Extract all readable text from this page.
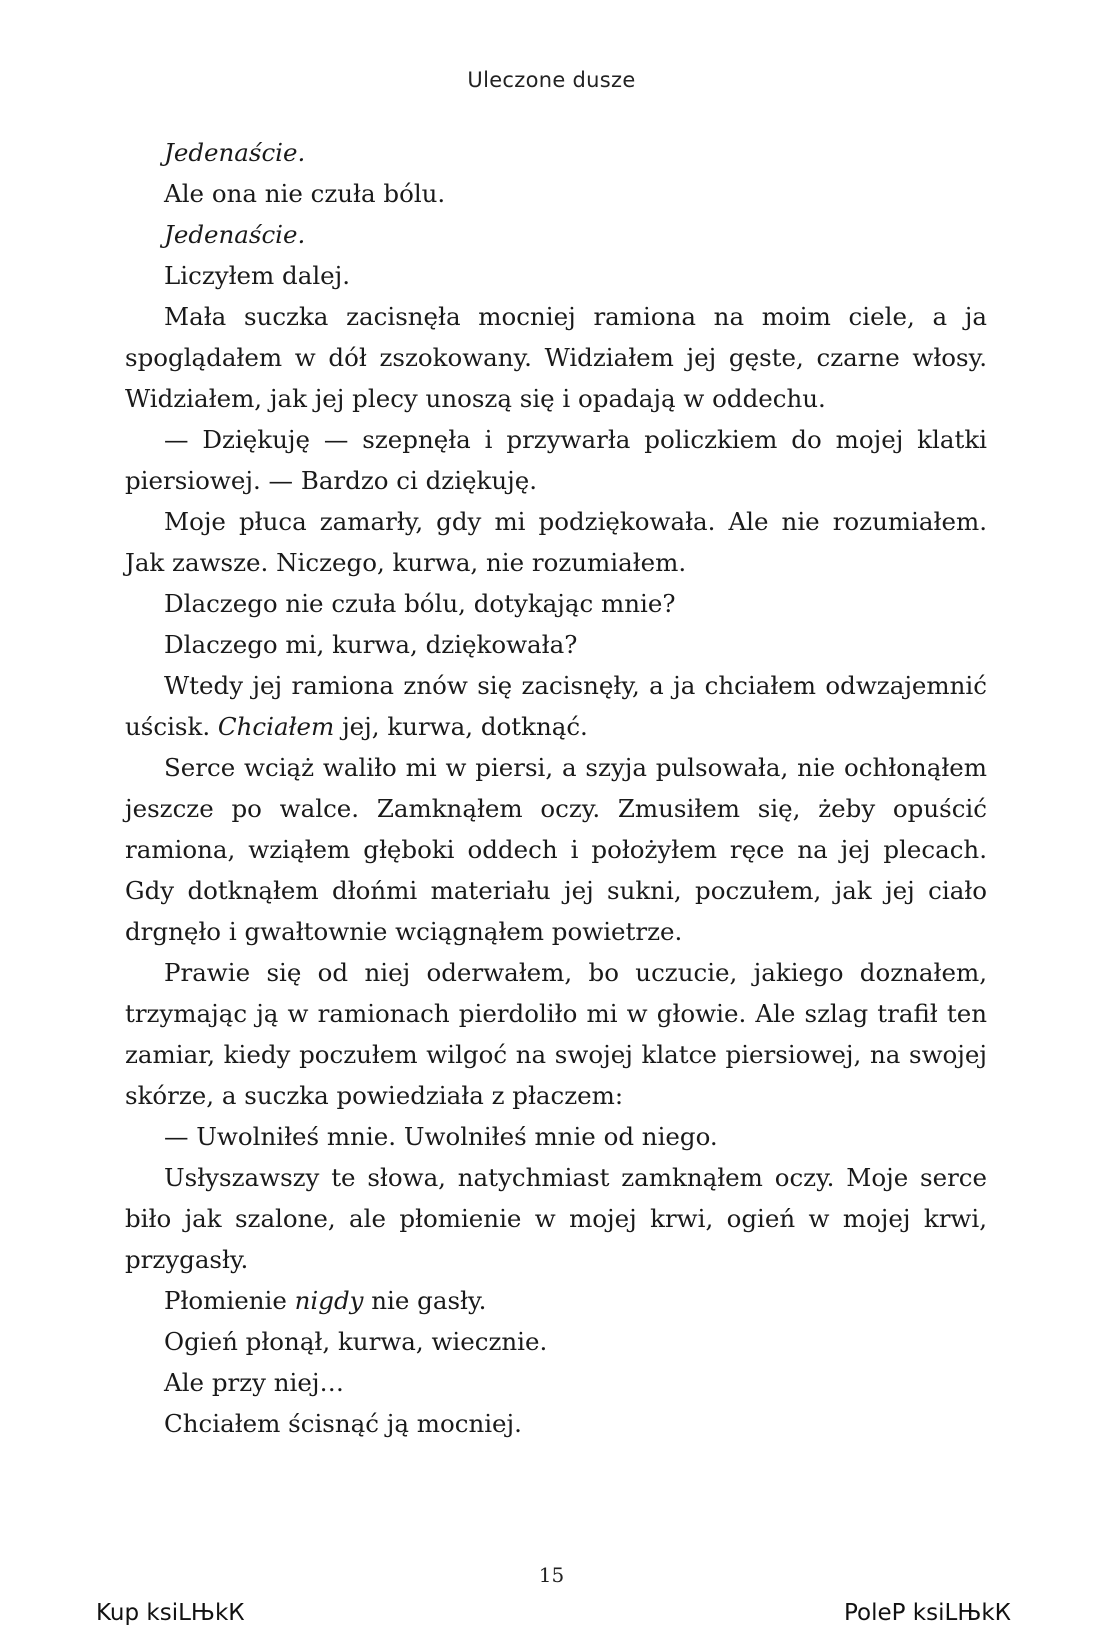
Uleczone dusze

Jedenaście.

Ale ona nie czuła bólu.

Jedenaście.

Liczyłem dalej.

Mała suczka zacisnęła mocniej ramiona na moim ciele, a ja spoglądałem w dół zszokowany. Widziałem jej gęste, czarne włosy. Widziałem, jak jej plecy unoszą się i opadają w oddechu.

— Dziękuję — szepnęła i przywarła policzkiem do mojej klatki piersiowej. — Bardzo ci dziękuję.

Moje płuca zamarły, gdy mi podziękowała. Ale nie rozumiałem. Jak zawsze. Niczego, kurwa, nie rozumiałem.

Dlaczego nie czuła bólu, dotykając mnie?

Dlaczego mi, kurwa, dziękowała?

Wtedy jej ramiona znów się zacisnęły, a ja chciałem odwzajemnić uścisk. Chciałem jej, kurwa, dotknąć.

Serce wciąż waliło mi w piersi, a szyja pulsowała, nie ochłonąłem jeszcze po walce. Zamknąłem oczy. Zmusiłem się, żeby opuścić ramiona, wziąłem głęboki oddech i położyłem ręce na jej plecach. Gdy dotknąłem dłońmi materiału jej sukni, poczułem, jak jej ciało drgnęło i gwałtownie wciągnąłem powietrze.

Prawie się od niej oderwałem, bo uczucie, jakiego doznałem, trzymając ją w ramionach pierdoliło mi w głowie. Ale szlag trafił ten zamiar, kiedy poczułem wilgoć na swojej klatce piersiowej, na swojej skórze, a suczka powiedziała z płaczem:

— Uwolniłeś mnie. Uwolniłeś mnie od niego.

Usłyszawszy te słowa, natychmiast zamknąłem oczy. Moje serce biło jak szalone, ale płomienie w mojej krwi, ogień w mojej krwi, przygasły.

Płomienie nigdy nie gasły.

Ogień płonął, kurwa, wiecznie.

Ale przy niej…

Chciałem ścisnąć ją mocniej.

15
Kup ksiLЊkК	PoleР ksiLЊkК
